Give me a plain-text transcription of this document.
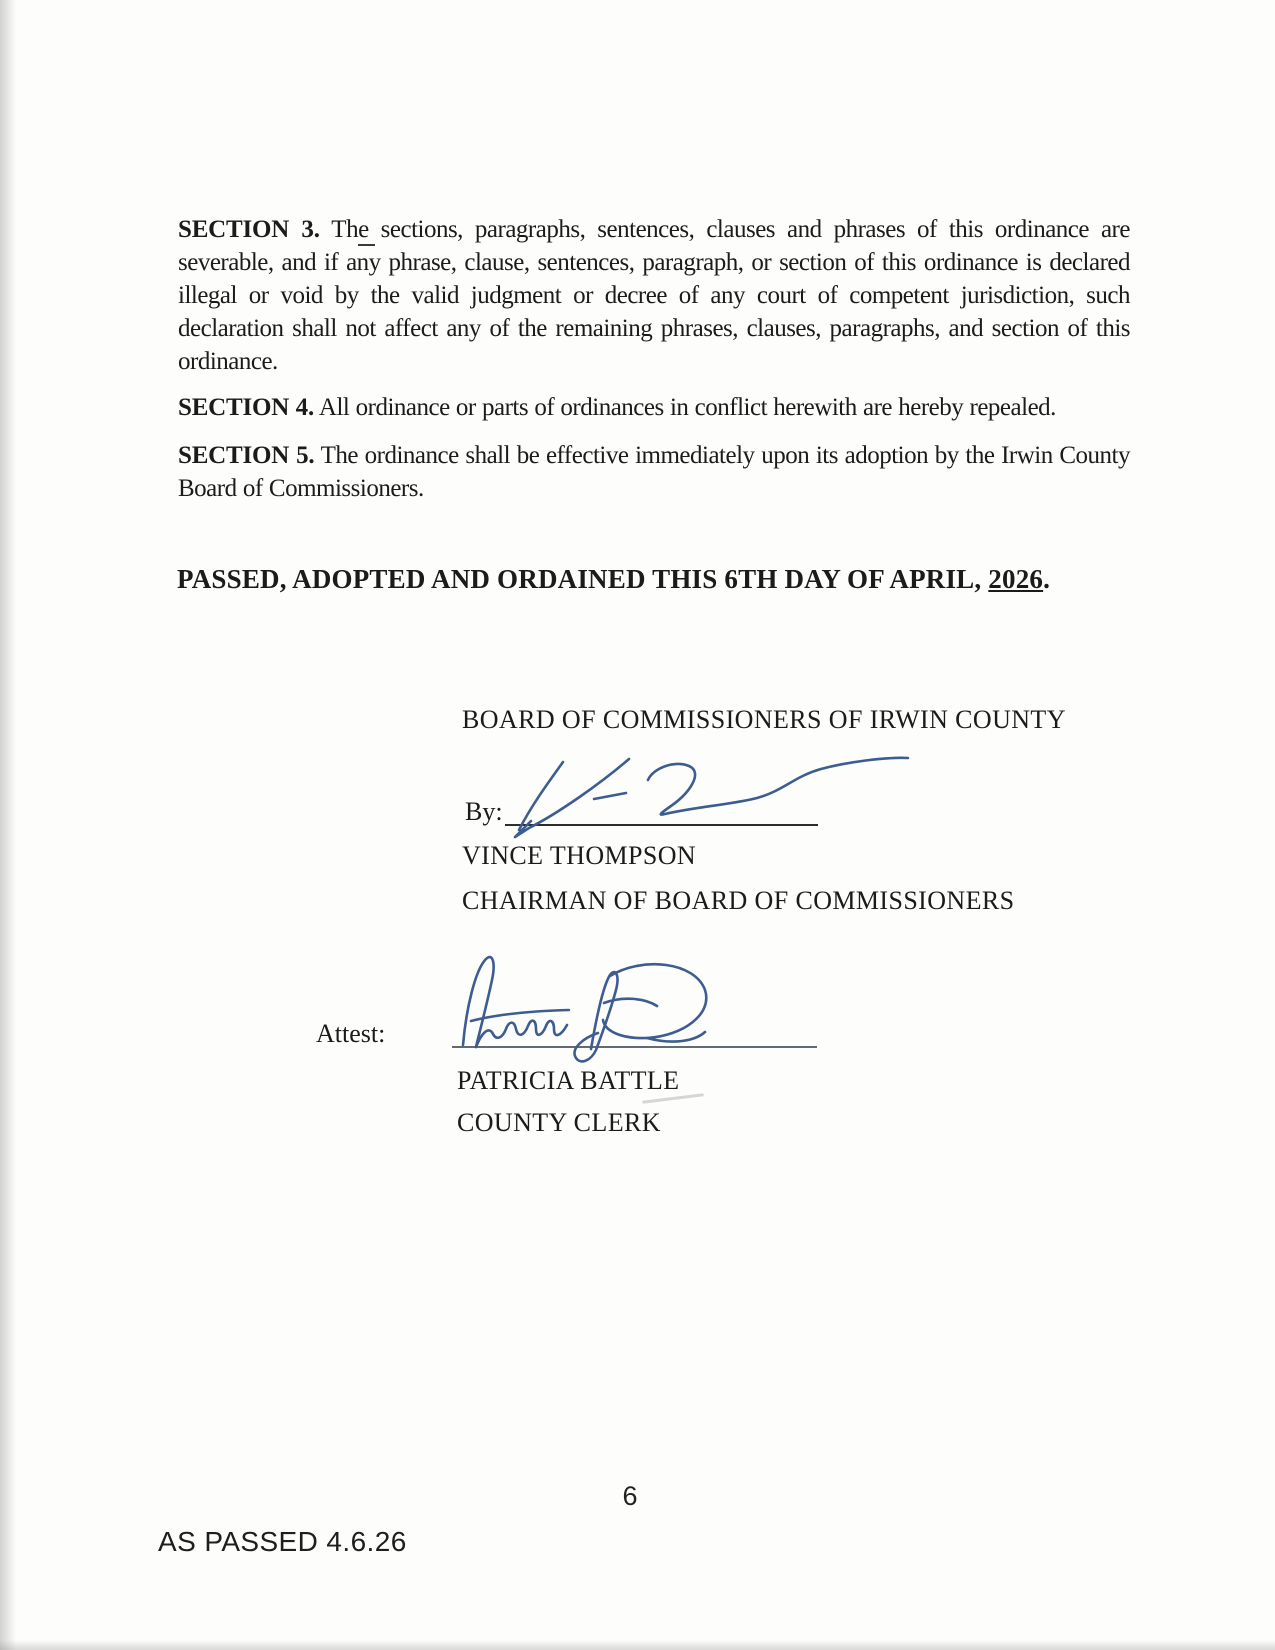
SECTION 3. The sections, paragraphs, sentences, clauses and phrases of this ordinance are severable, and if any phrase, clause, sentences, paragraph, or section of this ordinance is declared illegal or void by the valid judgment or decree of any court of competent jurisdiction, such declaration shall not affect any of the remaining phrases, clauses, paragraphs, and section of this ordinance.

SECTION 4. All ordinance or parts of ordinances in conflict herewith are hereby repealed.

SECTION 5. The ordinance shall be effective immediately upon its adoption by the Irwin County Board of Commissioners.

PASSED, ADOPTED AND ORDAINED THIS 6TH DAY OF APRIL, 2026.

BOARD OF COMMISSIONERS OF IRWIN COUNTY

By:

VINCE THOMPSON

CHAIRMAN OF BOARD OF COMMISSIONERS

Attest:

PATRICIA BATTLE

COUNTY CLERK

6

AS PASSED 4.6.26
